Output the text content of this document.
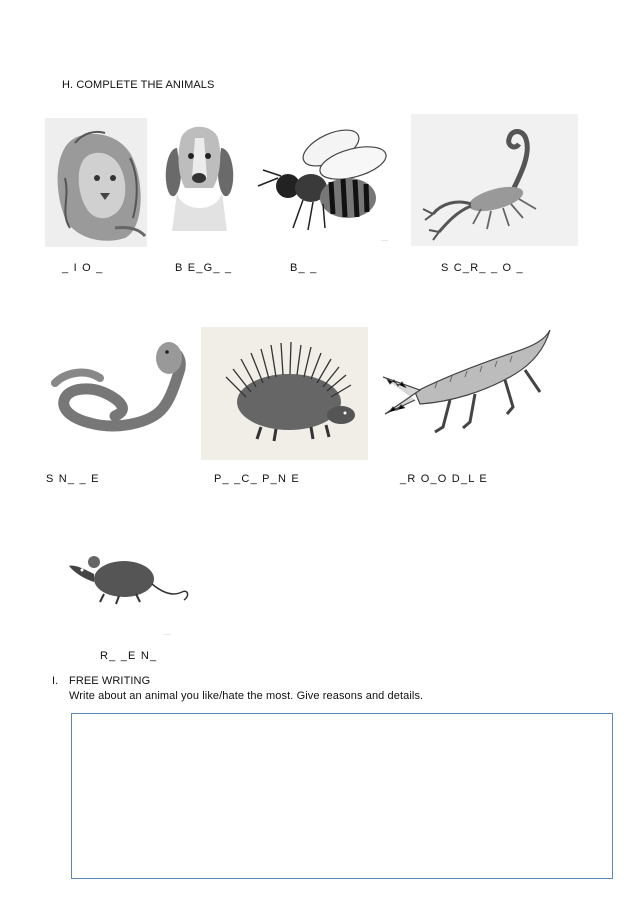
H. COMPLETE THE ANIMALS
~~~
_ I O _	B E_G_ _	B_ _	S C_R_ _ O _
S N_ _ E	P_ _C_ P_N E	_R O_O D_L E
~~~
R_ _E N_
I. FREE WRITING
Write about an animal you like/hate the most. Give reasons and details.
